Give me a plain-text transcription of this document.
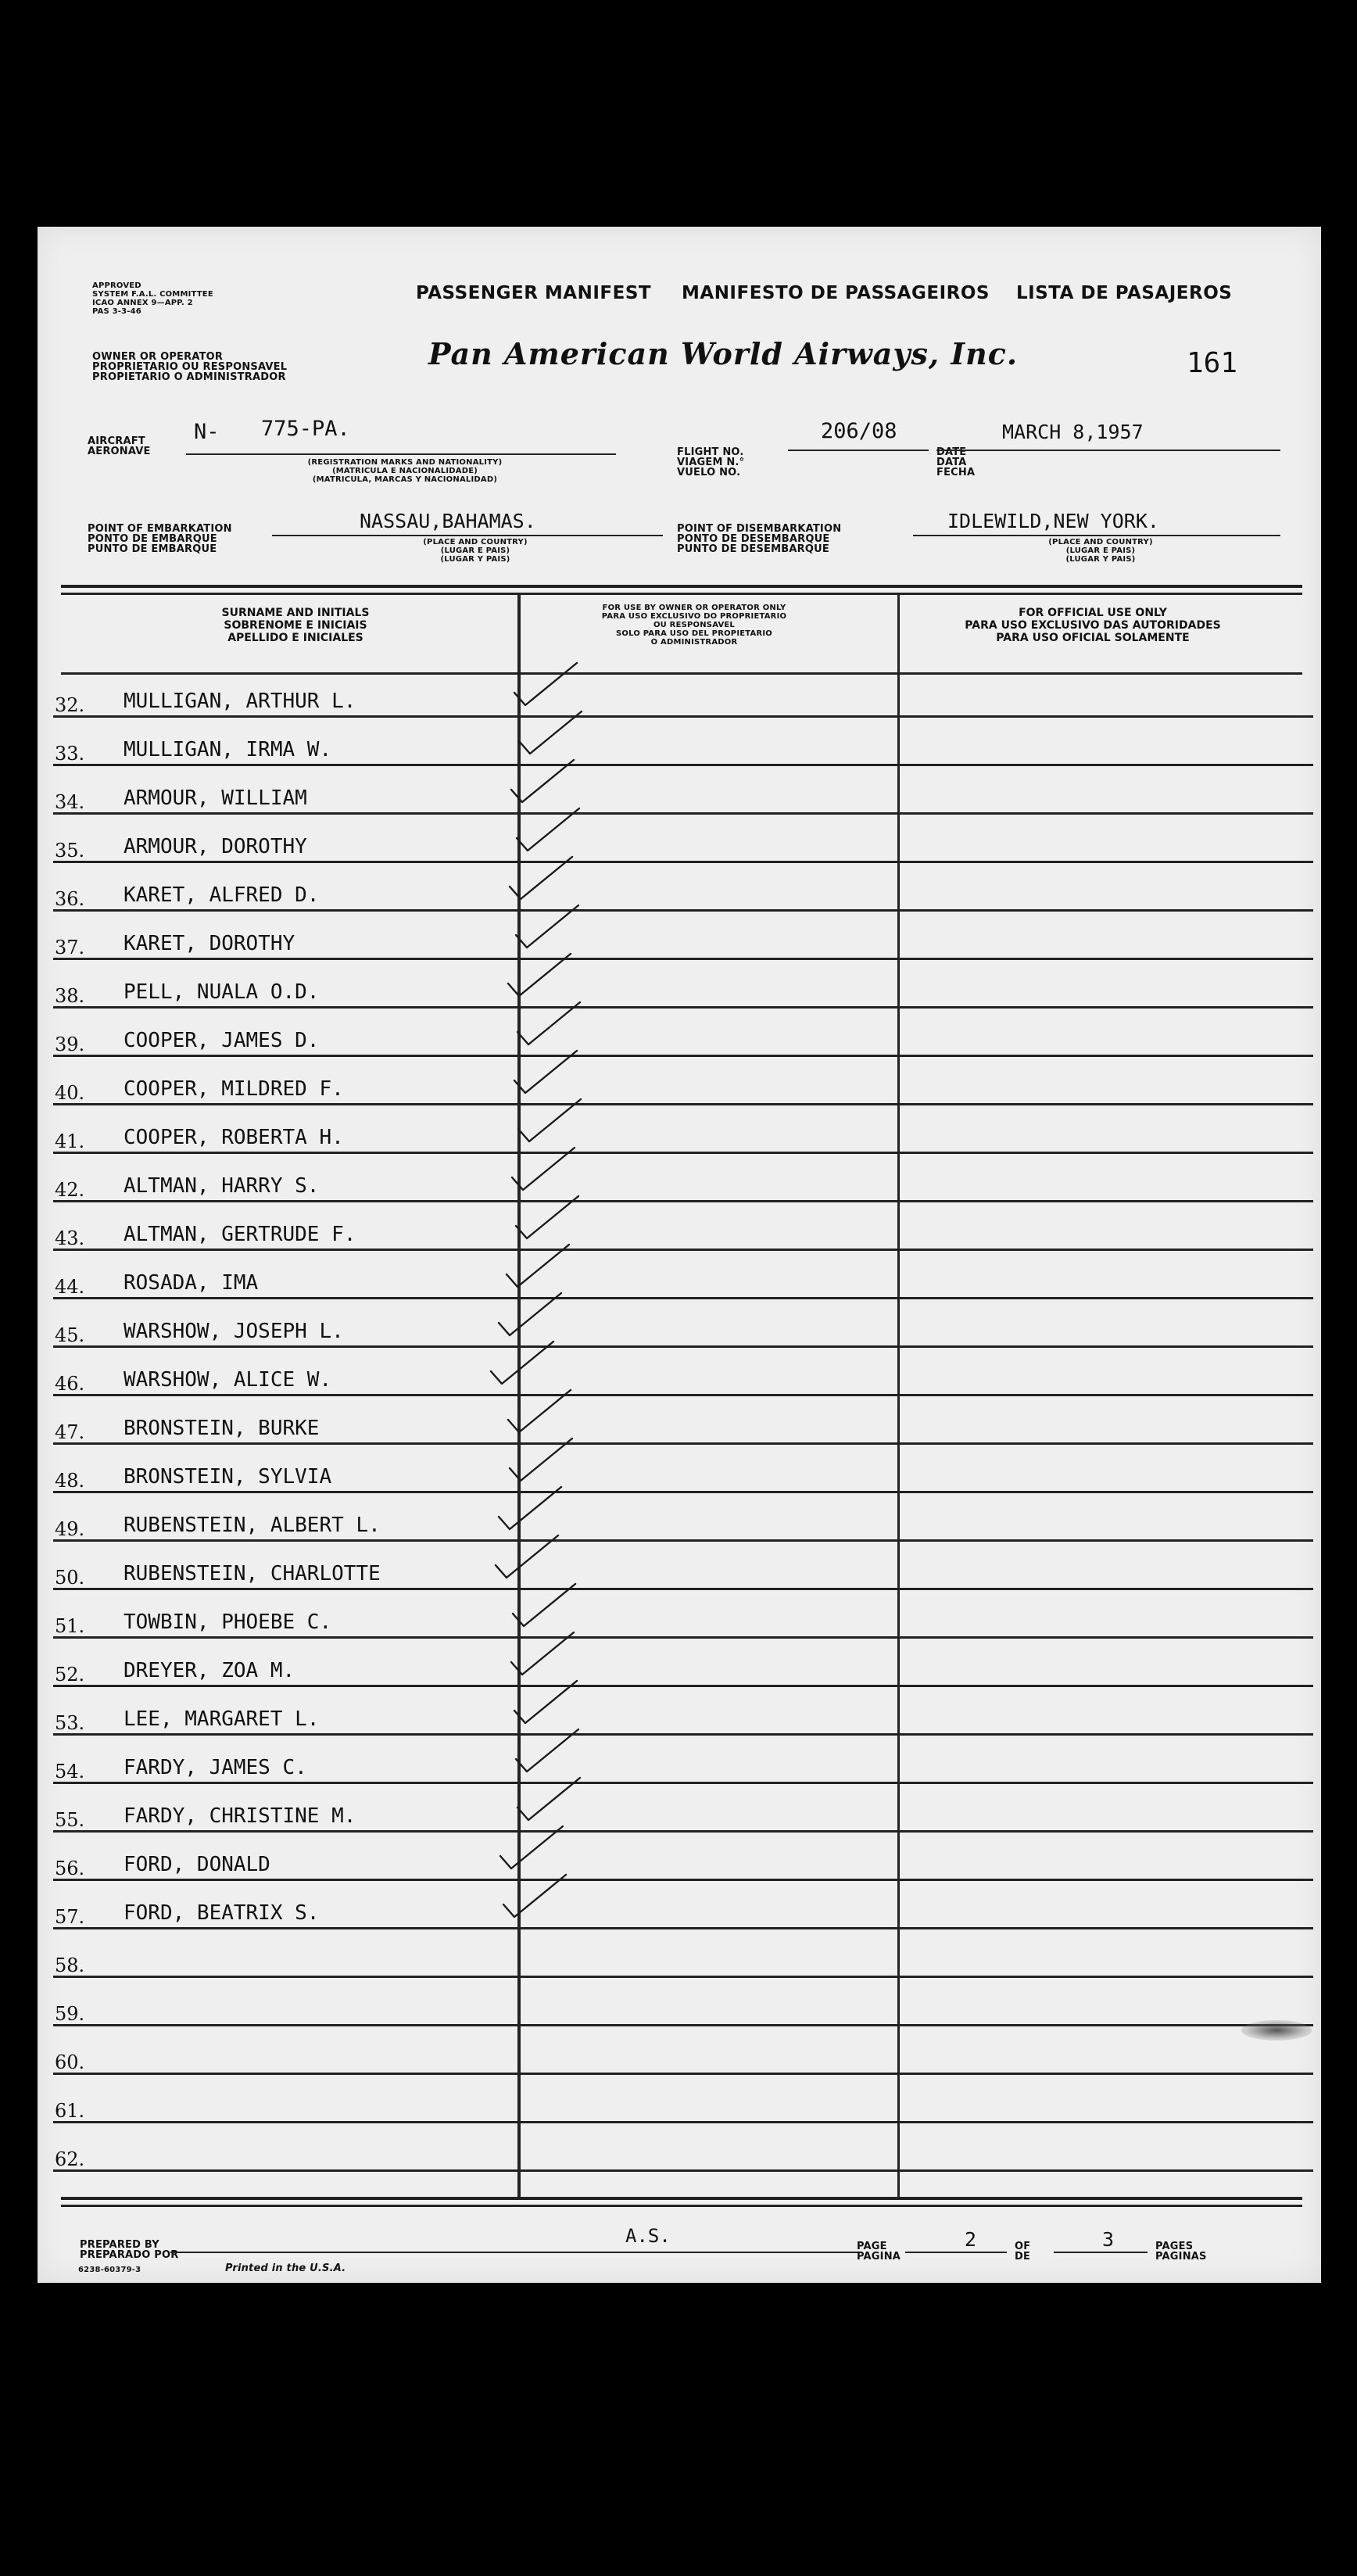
APPROVED
SYSTEM F.A.L. COMMITTEE
ICAO ANNEX 9—APP. 2
PAS 3-3-46
PASSENGER MANIFEST MANIFESTO DE PASSAGEIROS LISTA DE PASAJEROS
OWNER OR OPERATOR
PROPRIETARIO OU RESPONSAVEL
PROPIETARIO O ADMINISTRADOR
Pan American World Airways, Inc.	161
AIRCRAFT
AERONAVE
N- 775-PA.
(REGISTRATION MARKS AND NATIONALITY)
(MATRICULA E NACIONALIDADE)
(MATRICULA, MARCAS Y NACIONALIDAD)
FLIGHT NO.
VIAGEM N.°
VUELO NO.
206/08
DATE
DATA
FECHA
MARCH 8,1957
POINT OF EMBARKATION
PONTO DE EMBARQUE
PUNTO DE EMBARQUE
NASSAU,BAHAMAS.
(PLACE AND COUNTRY)
(LUGAR E PAIS)
(LUGAR Y PAIS)
POINT OF DISEMBARKATION
PONTO DE DESEMBARQUE
PUNTO DE DESEMBARQUE
IDLEWILD,NEW YORK.
(PLACE AND COUNTRY)
(LUGAR E PAIS)
(LUGAR Y PAIS)
SURNAME AND INITIALS
SOBRENOME E INICIAIS
APELLIDO E INICIALES
FOR USE BY OWNER OR OPERATOR ONLY
PARA USO EXCLUSIVO DO PROPRIETARIO
OU RESPONSAVEL
SOLO PARA USO DEL PROPIETARIO
O ADMINISTRADOR
FOR OFFICIAL USE ONLY
PARA USO EXCLUSIVO DAS AUTORIDADES
PARA USO OFICIAL SOLAMENTE
32. MULLIGAN, ARTHUR L.
33. MULLIGAN, IRMA W.
34. ARMOUR, WILLIAM
35. ARMOUR, DOROTHY
36. KARET, ALFRED D.
37. KARET, DOROTHY
38. PELL, NUALA O.D.
39. COOPER, JAMES D.
40. COOPER, MILDRED F.
41. COOPER, ROBERTA H.
42. ALTMAN, HARRY S.
43. ALTMAN, GERTRUDE F.
44. ROSADA, IMA
45. WARSHOW, JOSEPH L.
46. WARSHOW, ALICE W.
47. BRONSTEIN, BURKE
48. BRONSTEIN, SYLVIA
49. RUBENSTEIN, ALBERT L.
50. RUBENSTEIN, CHARLOTTE
51. TOWBIN, PHOEBE C.
52. DREYER, ZOA M.
53. LEE, MARGARET L.
54. FARDY, JAMES C.
55. FARDY, CHRISTINE M.
56. FORD, DONALD
57. FORD, BEATRIX S.
58.
59.
60.
61.
62.
PREPARED BY
PREPARADO POR
A.S.
6238-60379-3	Printed in the U.S.A.
PAGE
PAGINA
2	OF
DE
3	PAGES
PAGINAS
